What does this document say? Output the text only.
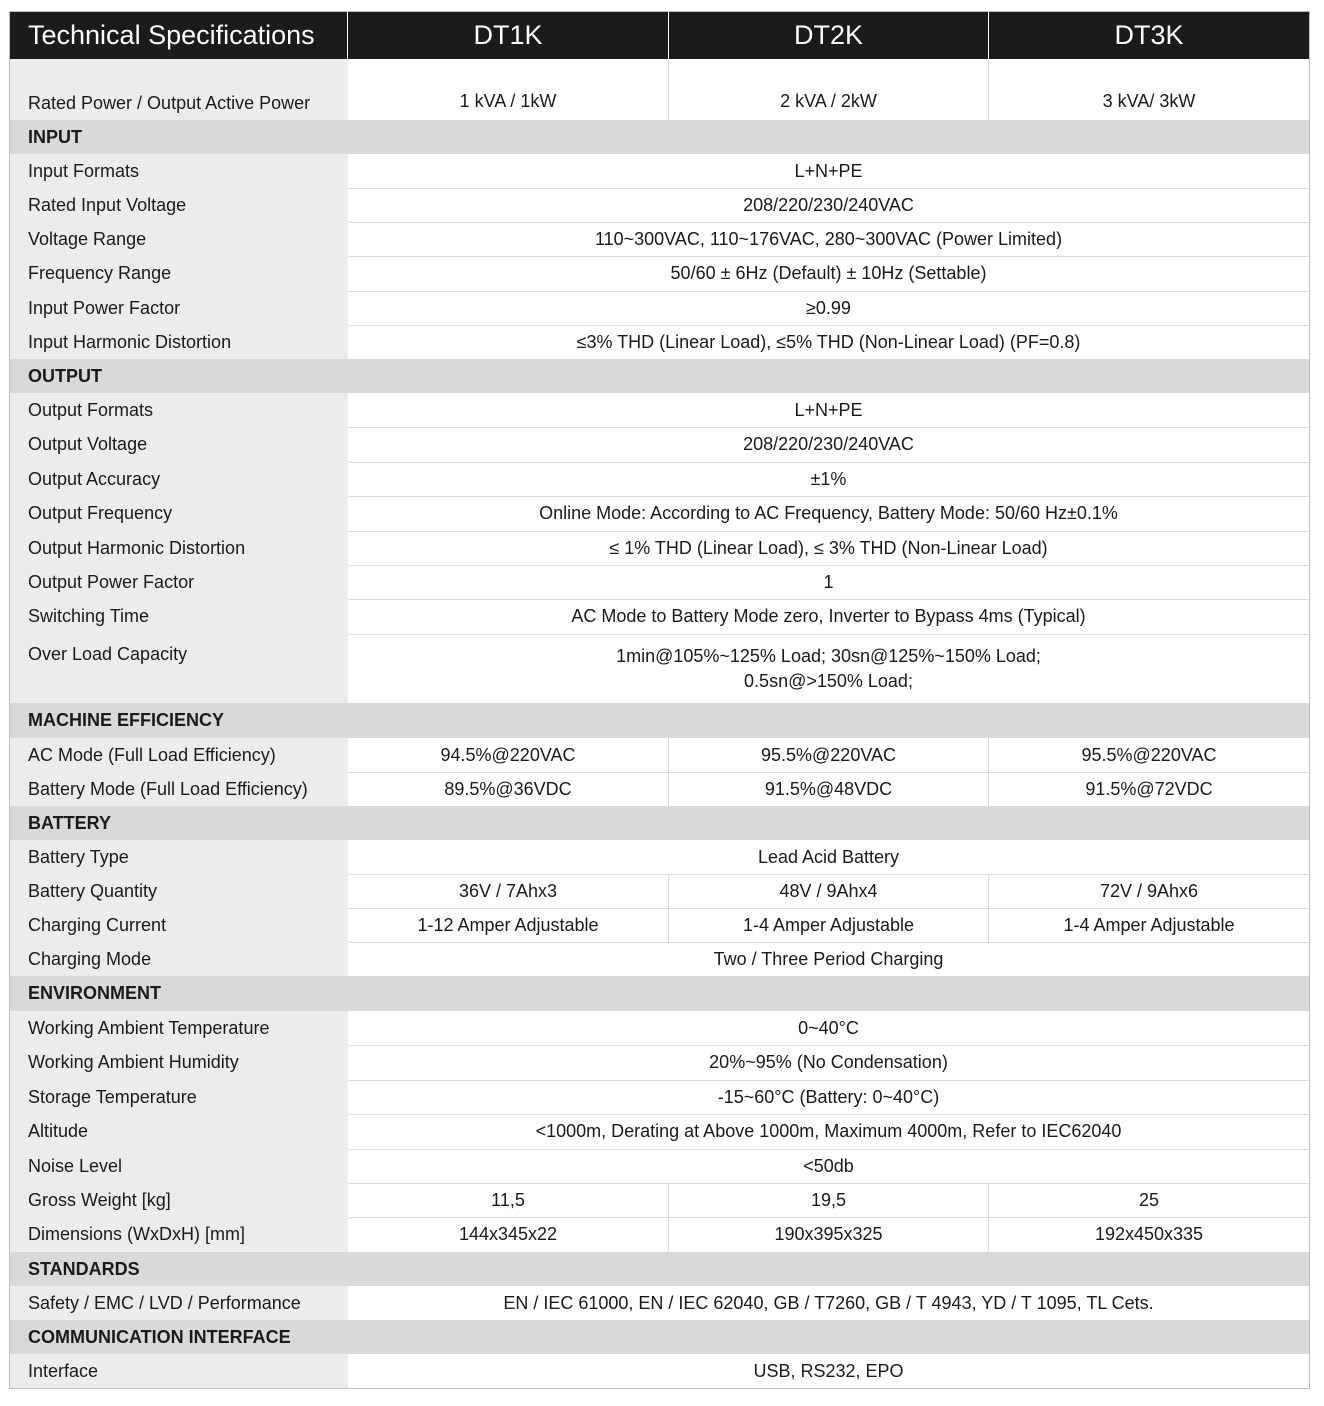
Technical Specifications	DT1K	DT2K	DT3K
Rated Power / Output Active Power	1 kVA / 1kW	2 kVA / 2kW	3 kVA/ 3kW
INPUT
Input Formats	L+N+PE
Rated Input Voltage	208/220/230/240VAC
Voltage Range	110~300VAC, 110~176VAC, 280~300VAC (Power Limited)
Frequency Range	50/60 ± 6Hz (Default) ± 10Hz (Settable)
Input Power Factor	≥0.99
Input Harmonic Distortion	≤3% THD (Linear Load), ≤5% THD (Non-Linear Load) (PF=0.8)
OUTPUT
Output Formats	L+N+PE
Output Voltage	208/220/230/240VAC
Output Accuracy	±1%
Output Frequency	Online Mode: According to AC Frequency, Battery Mode: 50/60 Hz±0.1%
Output Harmonic Distortion	≤ 1% THD (Linear Load), ≤ 3% THD (Non-Linear Load)
Output Power Factor	1
Switching Time	AC Mode to Battery Mode zero, Inverter to Bypass 4ms (Typical)
Over Load Capacity	1min@105%~125% Load; 30sn@125%~150% Load;
0.5sn@>150% Load;
MACHINE EFFICIENCY
AC Mode (Full Load Efficiency)	94.5%@220VAC	95.5%@220VAC	95.5%@220VAC
Battery Mode (Full Load Efficiency)	89.5%@36VDC	91.5%@48VDC	91.5%@72VDC
BATTERY
Battery Type	Lead Acid Battery
Battery Quantity	36V / 7Ahx3	48V / 9Ahx4	72V / 9Ahx6
Charging Current	1-12 Amper Adjustable	1-4 Amper Adjustable	1-4 Amper Adjustable
Charging Mode	Two / Three Period Charging
ENVIRONMENT
Working Ambient Temperature	0~40°C
Working Ambient Humidity	20%~95% (No Condensation)
Storage Temperature	-15~60°C (Battery: 0~40°C)
Altitude	<1000m, Derating at Above 1000m, Maximum 4000m, Refer to IEC62040
Noise Level	<50db
Gross Weight [kg]	11,5	19,5	25
Dimensions (WxDxH) [mm]	144x345x22	190x395x325	192x450x335
STANDARDS
Safety / EMC / LVD / Performance	EN / IEC 61000, EN / IEC 62040, GB / T7260, GB / T 4943, YD / T 1095, TL Cets.
COMMUNICATION INTERFACE
Interface	USB, RS232, EPO
